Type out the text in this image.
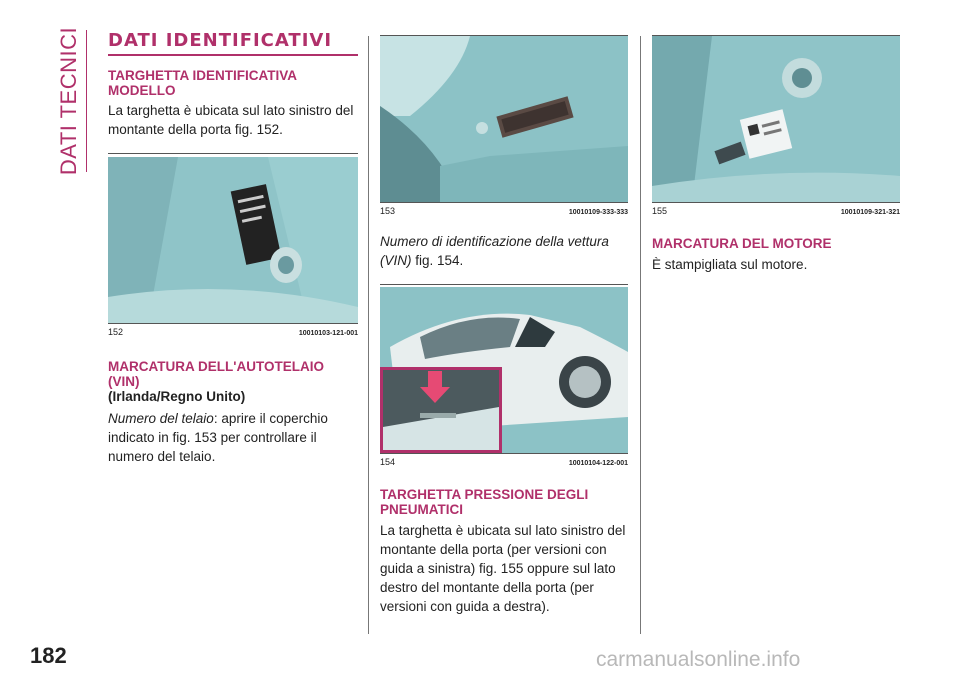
DATI TECNICI DATI IDENTIFICATIVI
TARGHETTA IDENTIFICATIVA MODELLO

La targhetta è ubicata sul lato sinistro del montante della porta fig. 152.

152	10010103-121-001
MARCATURA DELL'AUTOTELAIO (VIN)

(Irlanda/Regno Unito)

Numero del telaio: aprire il coperchio indicato in fig. 153 per controllare il numero del telaio.

153	10010109-333-333

Numero di identificazione della vettura (VIN) fig. 154.

154	10010104-122-001
TARGHETTA PRESSIONE DEGLI PNEUMATICI

La targhetta è ubicata sul lato sinistro del montante della porta (per versioni con guida a sinistra) fig. 155 oppure sul lato destro del montante della porta (per versioni con guida a destra).

155	10010109-321-321
MARCATURA DEL MOTORE

È stampigliata sul motore.

182	carmanualsonline.info
